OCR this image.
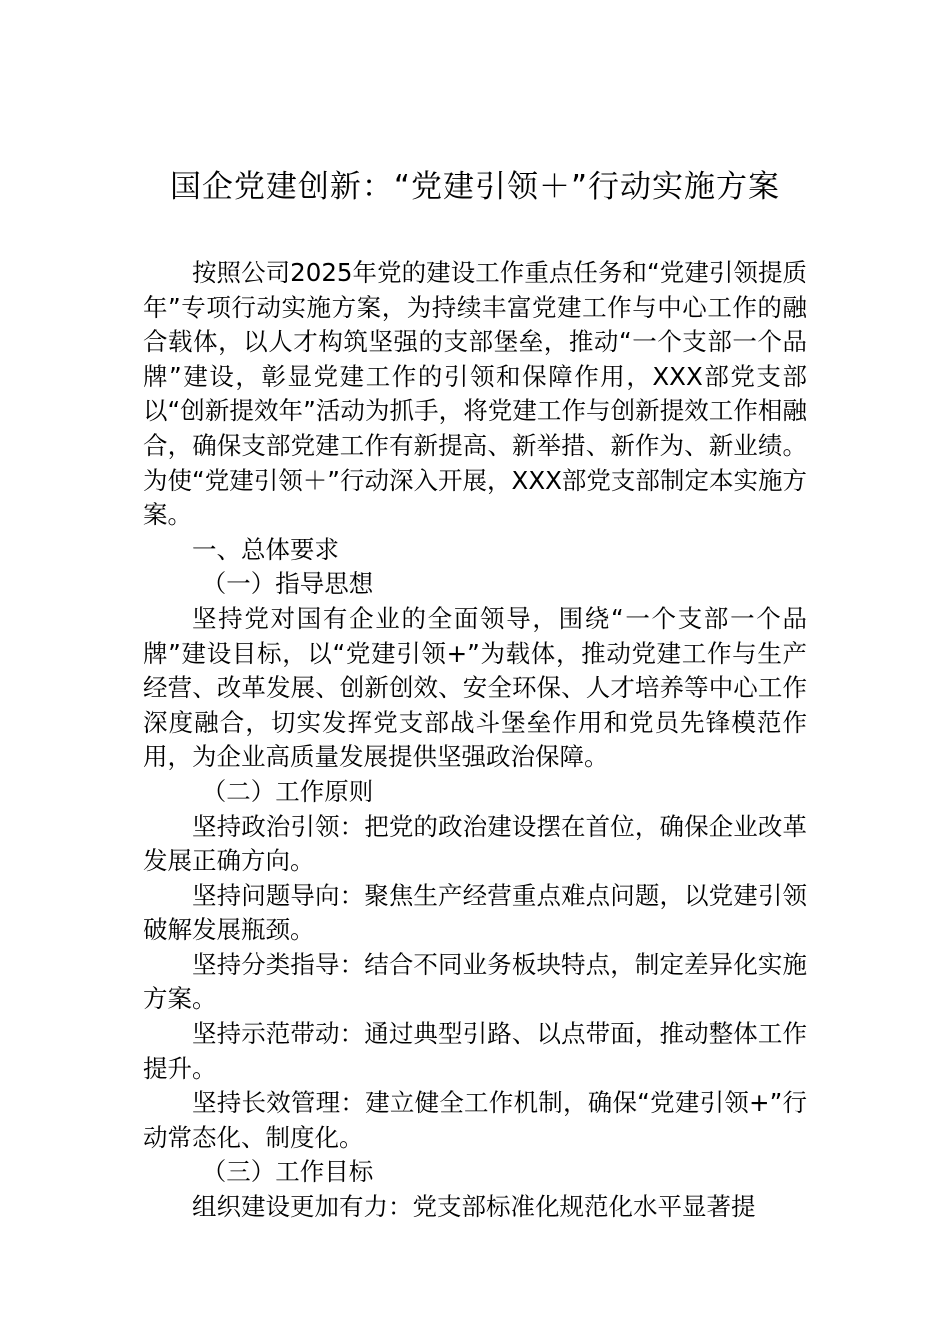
国企党建创新：“党建引领＋”行动实施方案

按照公司2025年党的建设工作重点任务和“党建引领提质年”专项行动实施方案，为持续丰富党建工作与中心工作的融合载体，以人才构筑坚强的支部堡垒，推动“一个支部一个品牌”建设，彰显党建工作的引领和保障作用，XXX部党支部以“创新提效年”活动为抓手，将党建工作与创新提效工作相融合，确保支部党建工作有新提高、新举措、新作为、新业绩。为使“党建引领＋”行动深入开展，XXX部党支部制定本实施方案。

一、总体要求

（一）指导思想

坚持党对国有企业的全面领导，围绕“一个支部一个品牌”建设目标，以“党建引领+”为载体，推动党建工作与生产经营、改革发展、创新创效、安全环保、人才培养等中心工作深度融合，切实发挥党支部战斗堡垒作用和党员先锋模范作用，为企业高质量发展提供坚强政治保障。

（二）工作原则

坚持政治引领：把党的政治建设摆在首位，确保企业改革发展正确方向。

坚持问题导向：聚焦生产经营重点难点问题，以党建引领破解发展瓶颈。

坚持分类指导：结合不同业务板块特点，制定差异化实施方案。

坚持示范带动：通过典型引路、以点带面，推动整体工作提升。

坚持长效管理：建立健全工作机制，确保“党建引领+”行动常态化、制度化。

（三）工作目标

组织建设更加有力：党支部标准化规范化水平显著提
